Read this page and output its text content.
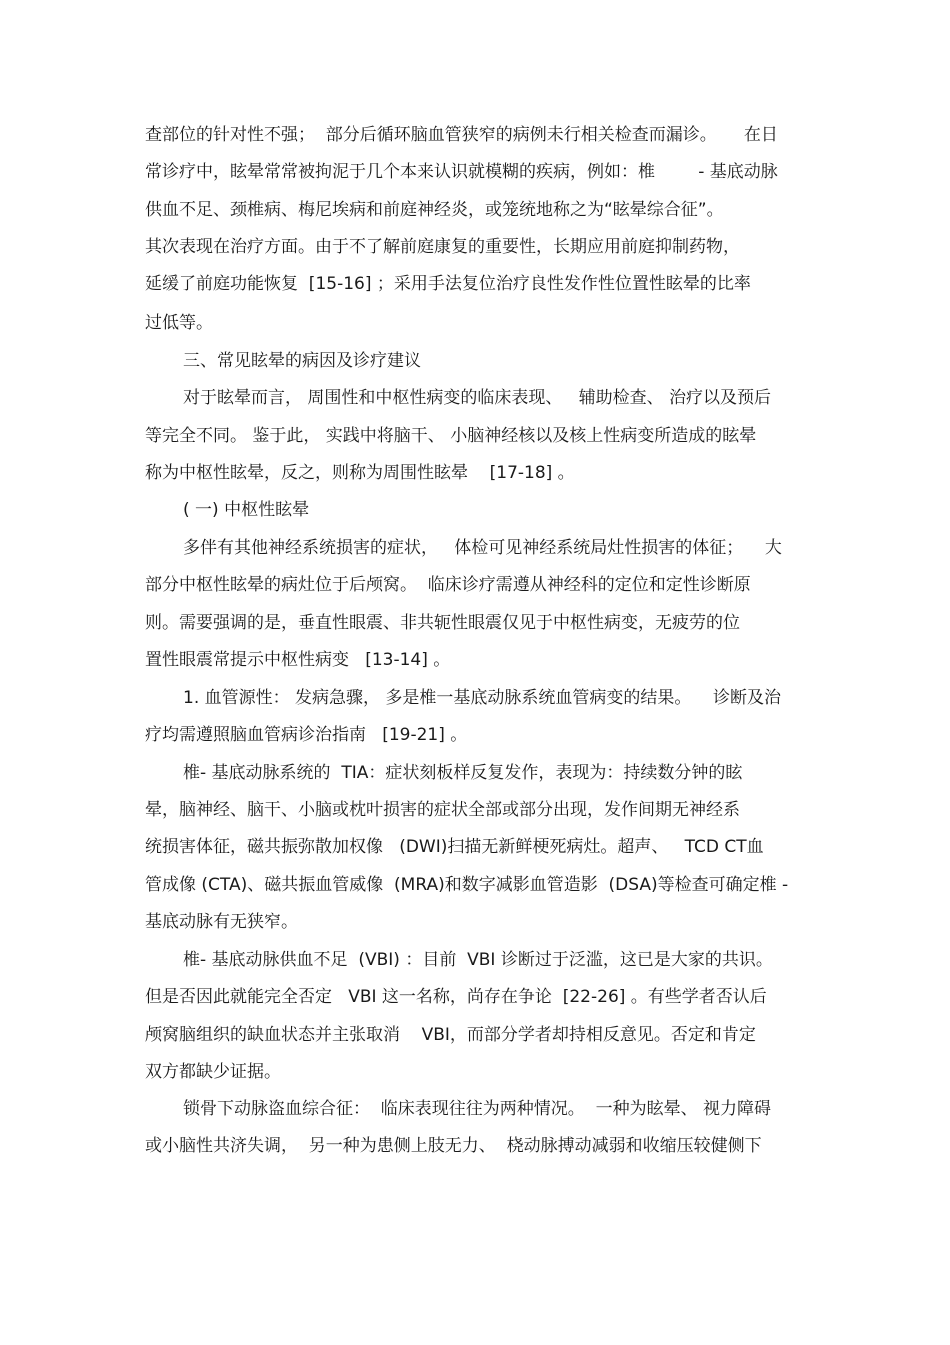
查部位的针对性不强；  部分后循环脑血管狭窄的病例未行相关检查而漏诊。     在日
常诊疗中，眩晕常常被拘泥于几个本来认识就模糊的疾病，例如：椎        - 基底动脉
供血不足、颈椎病、梅尼埃病和前庭神经炎，或笼统地称之为“眩晕综合征”。
其次表现在治疗方面。由于不了解前庭康复的重要性，长期应用前庭抑制药物，
延缓了前庭功能恢复  [15-16] ；采用手法复位治疗良性发作性位置性眩晕的比率
过低等。
三、常见眩晕的病因及诊疗建议
对于眩晕而言， 周围性和中枢性病变的临床表现、   辅助检查、 治疗以及预后
等完全不同。 鉴于此， 实践中将脑干、 小脑神经核以及核上性病变所造成的眩晕
称为中枢性眩晕，反之，则称为周围性眩晕    [17-18] 。
( 一) 中枢性眩晕
多伴有其他神经系统损害的症状，   体检可见神经系统局灶性损害的体征；    大
部分中枢性眩晕的病灶位于后颅窝。  临床诊疗需遵从神经科的定位和定性诊断原
则。需要强调的是，垂直性眼震、非共轭性眼震仅见于中枢性病变，无疲劳的位
置性眼震常提示中枢性病变   [13-14] 。
1. 血管源性： 发病急骤， 多是椎一基底动脉系统血管病变的结果。    诊断及治
疗均需遵照脑血管病诊治指南   [19-21] 。
椎- 基底动脉系统的  TIA：症状刻板样反复发作，表现为：持续数分钟的眩
晕，脑神经、脑干、小脑或枕叶损害的症状全部或部分出现，发作间期无神经系
统损害体征，磁共振弥散加权像   (DWI)扫描无新鲜梗死病灶。超声、   TCD CT血
管成像 (CTA)、磁共振血管威像  (MRA)和数字减影血管造影  (DSA)等检查可确定椎 -
基底动脉有无狭窄。
椎- 基底动脉供血不足  (VBI) ：目前  VBI 诊断过于泛滥，这已是大家的共识。
但是否因此就能完全否定   VBI 这一名称，尚存在争论  [22-26] 。有些学者否认后
颅窝脑组织的缺血状态并主张取消    VBI，而部分学者却持相反意见。否定和肯定
双方都缺少证据。
锁骨下动脉盗血综合征：  临床表现往往为两种情况。  一种为眩晕、 视力障碍
或小脑性共济失调，  另一种为患侧上肢无力、  桡动脉搏动减弱和收缩压较健侧下
